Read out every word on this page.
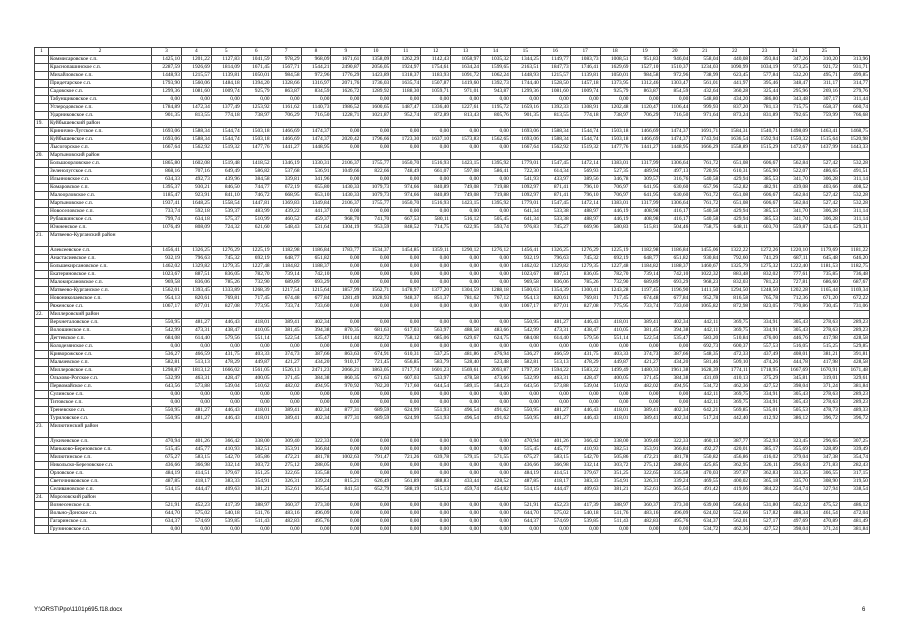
1	2	3	4	5	6	7	8	9	10	11	12	13	14	15	16	17	18	19	20	21	22	23	24	25	
	Коммисаровское с.п.	1425,10	1201,22	1127,83	1041,59	978,29	968,09	1671,61	1358,09	1262,29	1142,43	1058,97	1035,32	1344,25	1149,77	1083,73	1008,51	951,83	946,04	558,04	440,08	393,84	347,26	310,20	313,96
	Краснопашинское с.п.	2287,59	1926,69	1814,09	1671,45	1567,71	1544,21	2490,87	2056,05	1924,97	1754,61	1634,24	1599,65	2163,51	1847,73	1746,41	1629,69	1527,10	1510,37	1234,03	1090,99	1034,19	973,25	921,72	931,71
	Михайловское с.п.	1448,93	1215,57	1139,81	1050,01	984,58	972,96	1776,29	1423,89	1318,37	1183,93	1091,72	1062,24	1448,93	1215,57	1139,81	1050,01	984,58	972,96	738,99	623,45	577,84	532,20	495,71	499,85
	Придетарское с.п.	1793,90	1560,06	1484,18	1394,20	1328,66	1316,97	2071,76	1736,03	1635,74	1507,87	1419,60	1392,73	1744,40	1528,50	1457,18	1373,95	1312,46	1303,47	561,01	441,97	395,46	348,47	311,17	314,77
	Садовское с.п.	1299,36	1081,60	1009,74	925,79	863,87	834,59	1626,72	1289,92	1188,30	1059,71	971,01	943,87	1299,36	1081,60	1009,74	925,79	863,87	854,59	432,64	360,28	325,44	295,96	269,16	279,76
	Табунщиковское с.п.	0,00	0,00	0,00	0,00	0,00	0,00	0,00	0,00	0,00	0,00	0,00	0,00	0,00	0,00	0,00	0,00	0,00	0,00	548,80	434,20	386,80	343,48	307,17	311,44
	Углеродовское с.п.	1784,89	1472,34	1377,49	1253,92	1161,62	1140,73	1986,52	1600,65	1487,47	1336,40	1227,61	1195,72	1659,16	1392,33	1308,91	1202,48	1120,47	1106,44	999,93	837,20	781,13	715,75	658,37	660,74
	Ударниковское с.п.	901,35	813,55	774,18	738,97	706,29	716,50	1228,71	1021,87	952,74	872,89	813,43	805,76	901,35	813,55	774,18	738,97	706,29	716,50	971,64	873,24	831,89	792,65	759,99	766,68
19.	Куйбышевский район																								
	Кринично-Лугское с.п.	1693,06	1588,34	1544,74	1503,18	1466,69	1474,37	0,00	0,00	0,00	0,00	0,00	0,00	1693,06	1588,34	1544,74	1503,18	1466,69	1474,37	1691,71	1584,31	1540,71	1498,09	1463,41	1468,75
	Куйбышевское с.п.	1693,06	1588,34	1544,74	1503,18	1466,69	1474,37	2020,42	1796,66	1723,30	1637,10	1573,83	1562,65	1693,06	1588,34	1544,74	1503,18	1466,69	1474,37	1743,94	1636,54	1592,94	1550,32	1515,64	1520,98
	Лысогорское с.п.	1667,64	1562,92	1519,32	1477,76	1441,27	1448,95	0,00	0,00	0,00	0,00	0,00	0,00	1667,64	1562,92	1519,32	1477,76	1441,27	1448,95	1666,29	1558,89	1515,29	1472,67	1437,99	1443,33
20.	Мартыновский район																								
	Большоорловское с.п.	1865,80	1602,08	1519,48	1418,52	1346,19	1330,31	2106,37	1755,77	1650,70	1516,93	1423,15	1395,92	1779,01	1547,45	1472,14	1383,01	1317,99	1306,64	761,72	651,08	606,67	562,84	527,42	532,28
	Зеленолугское с.п.	868,16	707,16	649,49	586,82	537,68	536,91	1049,66	822,66	748,49	661,07	597,08	586,41	722,30	614,34	569,93	527,35	489,94	497,13	720,95	610,31	565,90	522,07	486,65	491,51
	Ильиновское с.п.	634,33	492,73	439,96	384,58	339,81	341,96	0,00	0,00	0,00	0,00	0,00	0,00	541,93	433,97	389,56	346,78	309,57	316,76	540,58	429,94	385,53	341,70	306,28	311,14
	Комаровское с.п.	1395,37	930,21	846,50	744,77	672,19	655,80	1430,33	1079,73	974,66	840,89	749,08	719,88	1092,97	871,41	796,10	706,97	641,95	630,60	657,96	552,82	482,91	439,08	403,66	408,52
	Малоорловское с.п.	1185,47	923,91	841,10	746,72	668,95	653,10	1430,33	1079,73	974,66	840,89	749,08	719,88	1092,97	871,41	796,10	706,97	641,95	630,60	761,72	651,08	606,67	562,84	527,42	532,28
	Мартыновское с.п.	1937,41	1648,25	1558,54	1447,81	1369,83	1349,84	2106,37	1755,77	1650,70	1516,93	1423,15	1395,92	1779,01	1547,45	1472,14	1383,01	1317,99	1306,64	761,72	651,08	606,67	562,84	527,42	532,28
	Новоселовское с.п.	733,74	592,18	539,37	483,99	439,22	441,37	0,00	0,00	0,00	0,00	0,00	0,00	641,34	533,38	488,97	446,19	408,98	416,17	540,58	429,94	385,53	341,70	306,28	311,14
	Рубашкинское с.п.	799,74	634,18	575,37	510,99	460,52	459,37	968,70	741,70	667,53	580,11	516,12	505,45	641,34	533,38	488,97	446,19	408,98	416,17	540,58	429,94	385,53	341,70	306,28	311,14
	Южненское с.п.	1076,49	808,09	724,32	621,60	548,43	531,64	1304,19	953,59	848,52	714,75	622,95	593,74	976,83	745,27	669,96	580,83	515,81	504,46	758,75	648,11	603,70	559,87	524,45	529,31
21.	Матвеево-Курганский район																								
	Алексеевское с.п.	1456,41	1326,25	1276,29	1225,19	1182,98	1186,84	1783,77	1534,37	1454,85	1359,11	1290,12	1276,12	1456,41	1326,25	1276,29	1225,19	1182,98	1186,84	1455,06	1322,22	1272,26	1220,10	1179,69	1181,22
	Анастасиевское с.п.	932,19	796,63	745,32	692,19	648,77	651,82	0,00	0,00	0,00	0,00	0,00	0,00	932,19	796,63	745,32	692,19	648,77	651,82	930,84	792,60	741,29	687,11	645,48	646,20
	Большекирсановское с.п.	1462,02	1329,82	1279,35	1227,48	1184,82	1188,37	0,00	0,00	0,00	0,00	0,00	0,00	1462,02	1329,82	1279,35	1227,48	1184,82	1188,37	1460,67	1325,79	1275,32	1222,40	1181,53	1182,75
	Екатериновское с.п.	1023,67	887,51	836,05	782,70	739,14	742,10	0,00	0,00	0,00	0,00	0,00	0,00	1023,67	887,51	836,05	782,70	739,14	742,10	1022,32	883,48	832,02	777,61	735,85	736,48
	Малокирсановское с.п.	969,58	836,06	785,26	732,90	689,89	693,29	0,00	0,00	0,00	0,00	0,00	0,00	969,58	836,06	785,26	732,90	689,89	693,29	968,23	832,03	781,23	727,81	686,60	687,67
	Матвеево-Курганское с.п.	1562,01	1393,45	1333,89	1268,39	1217,54	1215,64	1857,99	1562,71	1478,97	1377,20	1304,59	1288,18	1500,63	1354,39	1300,41	1243,28	1197,45	1196,90	1411,50	1294,50	1248,50	1202,28	1165,44	1169,34
	Новониколаевское с.п.	954,13	820,61	769,81	717,45	674,48	677,84	1281,49	1028,93	948,37	851,37	781,62	767,12	954,13	820,61	769,81	717,45	674,48	677,84	952,78	816,58	765,78	712,36	671,20	672,22
	Ряженское с.п.	1067,17	877,01	827,08	773,95	733,74	733,60	0,00	0,00	0,00	0,00	0,00	0,00	1067,17	877,01	827,08	775,95	733,74	733,60	1065,82	872,98	823,05	770,86	730,45	731,06
22.	Миллеровский район																								
	Верхнеталовское с.п.	550,95	481,27	446,43	418,01	389,41	402,34	0,00	0,00	0,00	0,00	0,00	0,00	550,95	481,27	446,43	418,01	389,41	402,34	442,11	369,75	334,91	305,43	278,63	289,23
	Волошинское с.п.	542,99	473,31	438,47	410,05	381,45	394,38	870,35	681,63	617,03	563,97	488,58	483,66	542,99	473,31	438,47	410,05	381,45	394,38	442,11	369,75	334,91	305,43	278,63	289,23
	Дегтевское с.п.	684,08	614,40	579,56	551,14	522,54	535,47	1011,44	822,72	758,12	685,06	629,67	624,75	684,08	614,40	579,56	551,14	522,54	535,47	583,20	510,84	476,00	446,76	417,98	428,58
	Колодезянское с.п.	0,00	0,00	0,00	0,00	0,00	0,00	0,00	0,00	0,00	0,00	0,00	0,00	0,00	0,00	0,00	0,00	0,00	0,00	692,73	600,37	557,53	516,05	515,25	529,85
	Криворожское с.п.	536,27	466,59	431,75	403,33	374,73	387,66	863,63	674,91	610,31	537,25	481,86	476,94	536,27	466,59	431,75	403,33	374,73	387,66	548,35	472,33	437,49	408,01	381,21	391,81
	Мальчевское с.п.	582,81	513,13	478,29	449,87	421,27	434,20	910,17	721,45	656,85	583,79	528,40	523,48	582,81	513,13	478,29	449,87	421,27	434,20	581,46	509,10	474,26	444,78	417,98	428,58
	Миллеровское с.п.	1298,87	1813,12	1666,02	1561,05	1526,13	2471,23	2066,21	1863,05	1717,74	1601,23	1569,61	2093,87	1797,39	1594,22	1583,22	1499,49	1480,33	1961,38	1628,39	1774,11	1718,95	1667,69	1670,91	1671,48
	Ольхово-Рогское с.п.	532,99	463,31	428,47	400,05	371,45	384,38	860,35	671,63	607,03	533,97	478,58	473,66	532,99	463,31	428,47	400,05	371,45	384,38	431,69	410,13	375,29	345,81	319,01	329,61
	Первомайское с.п.	643,56	573,88	539,04	510,62	482,02	494,95	970,92	782,20	717,60	644,54	589,15	584,23	643,56	573,88	539,04	510,62	482,02	494,95	534,72	462,36	427,52	398,04	371,24	381,84
	Сулинское с.п.	0,00	0,00	0,00	0,00	0,00	0,00	0,00	0,00	0,00	0,00	0,00	0,00	0,00	0,00	0,00	0,00	0,00	0,00	442,11	369,75	334,91	305,43	278,63	289,23
	Титовское с.п.	0,00	0,00	0,00	0,00	0,00	0,00	0,00	0,00	0,00	0,00	0,00	0,00	0,00	0,00	0,00	0,00	0,00	0,00	442,11	369,75	334,91	305,43	278,63	289,23
	Треневское с.п.	550,95	481,27	446,43	418,01	389,41	402,34	877,31	689,59	624,99	551,93	496,54	491,62	550,95	481,27	446,43	418,01	389,41	402,34	642,21	569,85	535,01	505,53	478,73	489,33
	Туриловское с.п.	550,95	481,27	446,43	418,01	389,41	402,34	877,31	689,59	624,99	551,93	496,54	491,62	550,95	481,27	446,43	418,01	389,41	402,34	517,24	442,40	412,92	386,12	396,72	396,72
23.	Милютинский район																								
	Лукичевское с.п.	470,94	401,26	366,42	338,00	309,40	322,33	0,00	0,00	0,00	0,00	0,00	0,00	470,94	401,26	366,42	338,00	309,40	322,33	460,13	387,77	352,93	323,45	296,65	307,25
	Маньково-Березовское с.п.	515,45	445,77	410,93	382,51	353,91	366,84	0,00	0,00	0,00	0,00	0,00	0,00	515,45	445,77	410,93	382,51	353,91	366,84	492,27	420,01	385,17	355,69	328,89	339,49
	Милютинское с.п.	675,27	583,15	542,70	505,86	472,21	481,78	1002,63	791,47	721,26	639,78	579,15	571,55	675,27	583,15	542,70	505,86	472,21	481,78	550,82	456,86	416,02	379,04	347,38	354,74
	Никольско-Березовское с.п.	436,66	366,98	332,14	303,72	275,12	288,05	0,00	0,00	0,00	0,00	0,00	0,00	436,66	366,98	332,14	303,72	275,12	288,05	425,85	362,95	326,11	296,63	271,83	282,43
	Орловское с.п.	484,19	414,51	379,67	351,25	322,65	335,58	0,00	0,00	0,00	0,00	0,00	0,00	484,19	414,51	379,67	351,25	322,65	335,58	470,03	397,67	362,83	333,35	306,55	317,15
	Светочниковское с.п.	487,85	418,17	383,33	354,91	326,31	339,24	815,21	626,49	561,89	488,83	433,44	428,52	487,85	418,17	383,33	354,91	326,31	339,24	469,55	400,02	365,18	335,70	308,90	319,50
	Селивановское с.п.	514,15	444,47	409,63	381,21	352,61	365,54	841,51	652,79	588,19	515,13	459,74	454,82	514,15	444,47	409,63	381,21	352,61	365,54	491,42	419,06	384,22	354,74	327,94	338,54
24.	Морозовский район																								
	Вознесенское с.п.	521,91	452,23	417,39	388,97	360,37	373,30	0,00	0,00	0,00	0,00	0,00	0,00	521,91	452,23	417,39	388,97	360,37	373,30	639,00	566,64	531,80	502,32	475,52	486,12
	Вольно-Донское с.п.	644,70	575,02	540,18	511,76	483,16	496,09	0,00	0,00	0,00	0,00	0,00	0,00	644,70	575,02	540,18	511,76	483,16	496,09	624,02	552,66	517,82	488,34	461,54	472,04
	Гагаринское с.п.	634,37	574,69	539,85	511,43	482,83	495,76	0,00	0,00	0,00	0,00	0,00	0,00	644,37	574,69	539,85	511,43	482,83	495,76	634,37	562,01	527,17	497,69	470,89	481,49
	Грузиновское с.п.	0,00	0,00	0,00	0,00	0,00	0,00	0,00	0,00	0,00	0,00	0,00	0,00	0,00	0,00	0,00	0,00	0,00	0,00	534,72	462,36	427,52	398,04	371,24	381,84
Y:\ORST\Ppo\1101p695.f18.docx	6
